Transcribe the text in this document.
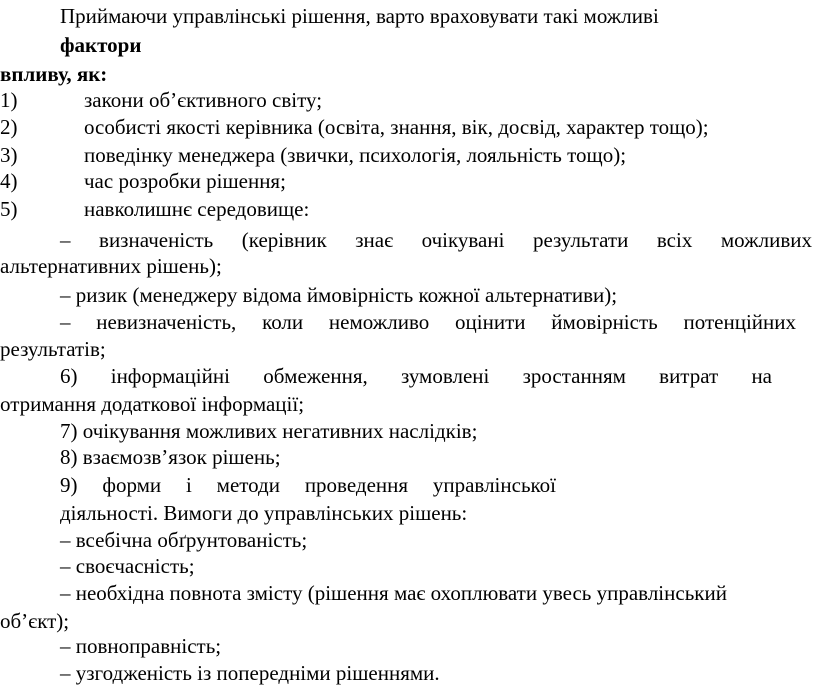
Приймаючи управлінські рішення, варто враховувати такі можливі
фактори
впливу, як:
1)	закони об’єктивного світу;
2)	особисті якості керівника (освіта, знання, вік, досвід, характер тощо);
3)	поведінку менеджера (звички, психологія, лояльність тощо);
4)	час розробки рішення;
5)	навколишнє середовище:
– визначеність (керівник знає очікувані результати всіх можливих
альтернативних рішень);
– ризик (менеджеру відома ймовірність кожної альтернативи);
– невизначеність, коли неможливо оцінити ймовірність потенційних
результатів;
6) інформаційні обмеження, зумовлені зростанням витрат на
отримання додаткової інформації;
7) очікування можливих негативних наслідків;
8) взаємозв’язок рішень;
9) форми і методи проведення управлінської
діяльності. Вимоги до управлінських рішень:
– всебічна обґрунтованість;
– своєчасність;
– необхідна повнота змісту (рішення має охоплювати увесь управлінський
об’єкт);
– повноправність;
– узгодженість із попередніми рішеннями.
